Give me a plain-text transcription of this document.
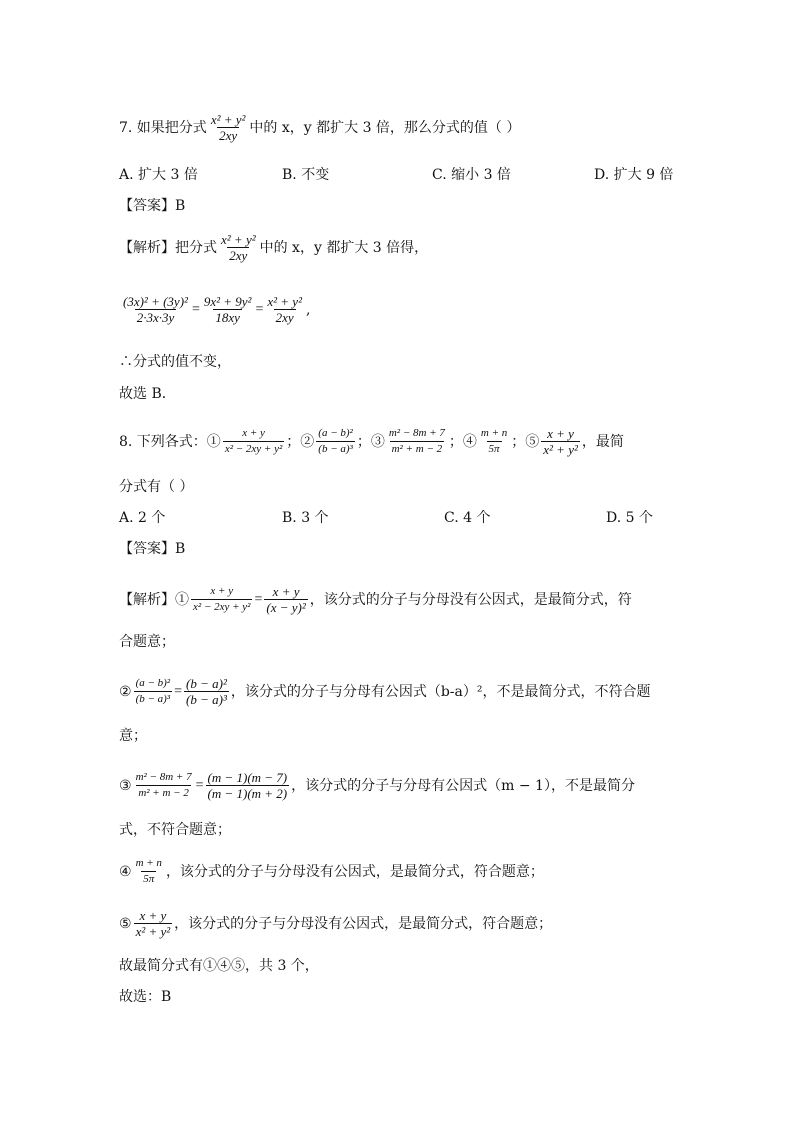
7. 如果把分式 $\frac{\text{x² + y²}}{2xy}$ 中的 x，y 都扩大 3 倍，那么分式的值（ ）
A. 扩大 3 倍	B. 不变	C. 缩小 3 倍	D. 扩大 9 倍
【答案】B
【解析】把分式 $\frac{\text{x² + y²}}{2xy}$ 中的 x，y 都扩大 3 倍得，
$\frac{\text{(3x)² + (3y)²}}{2\cdot 3x\cdot 3y} = \frac{\text{9x² + 9y²}}{18xy} = \frac{\text{x² + y²}}{2xy}$ ,
∴分式的值不变，
故选 B．
8. 下列各式：① $\frac{x + y}{\text{x² − 2xy + y²}}$ ；② $\frac{\text{(a − b)²}}{\text{(b − a)³}}$ ；③ $\frac{\text{m² − 8m + 7}}{\text{m² + m − 2}}$ ；④ $\frac{m + n}{5\pi}$ ；⑤ $\frac{x + y}{\text{x² + y²}}$ ，最简
分式有（ ）
A. 2 个	B. 3 个	C. 4 个	D. 5 个
【答案】B
【解析】① $\frac{x + y}{\text{x² − 2xy + y²}} = \frac{x + y}{\text{(x − y)²}}$ ，该分式的分子与分母没有公因式，是最简分式，符
合题意；
② $\frac{\text{(a − b)²}}{\text{(b − a)³}} = \frac{\text{(b − a)²}}{\text{(b − a)³}}$ ，该分式的分子与分母有公因式（b-a）²，不是最简分式，不符合题
意；
③ $\frac{\text{m² − 8m + 7}}{\text{m² + m − 2}} = \frac{(m - 1)(m - 7)}{(m - 1)(m + 2)}$ ，该分式的分子与分母有公因式（m − 1），不是最简分
式，不符合题意；
④ $\frac{m + n}{5\pi}$ ，该分式的分子与分母没有公因式，是最简分式，符合题意；
⑤ $\frac{x + y}{\text{x² + y²}}$ ，该分式的分子与分母没有公因式，是最简分式，符合题意；
故最简分式有①④⑤，共 3 个，
故选：B
